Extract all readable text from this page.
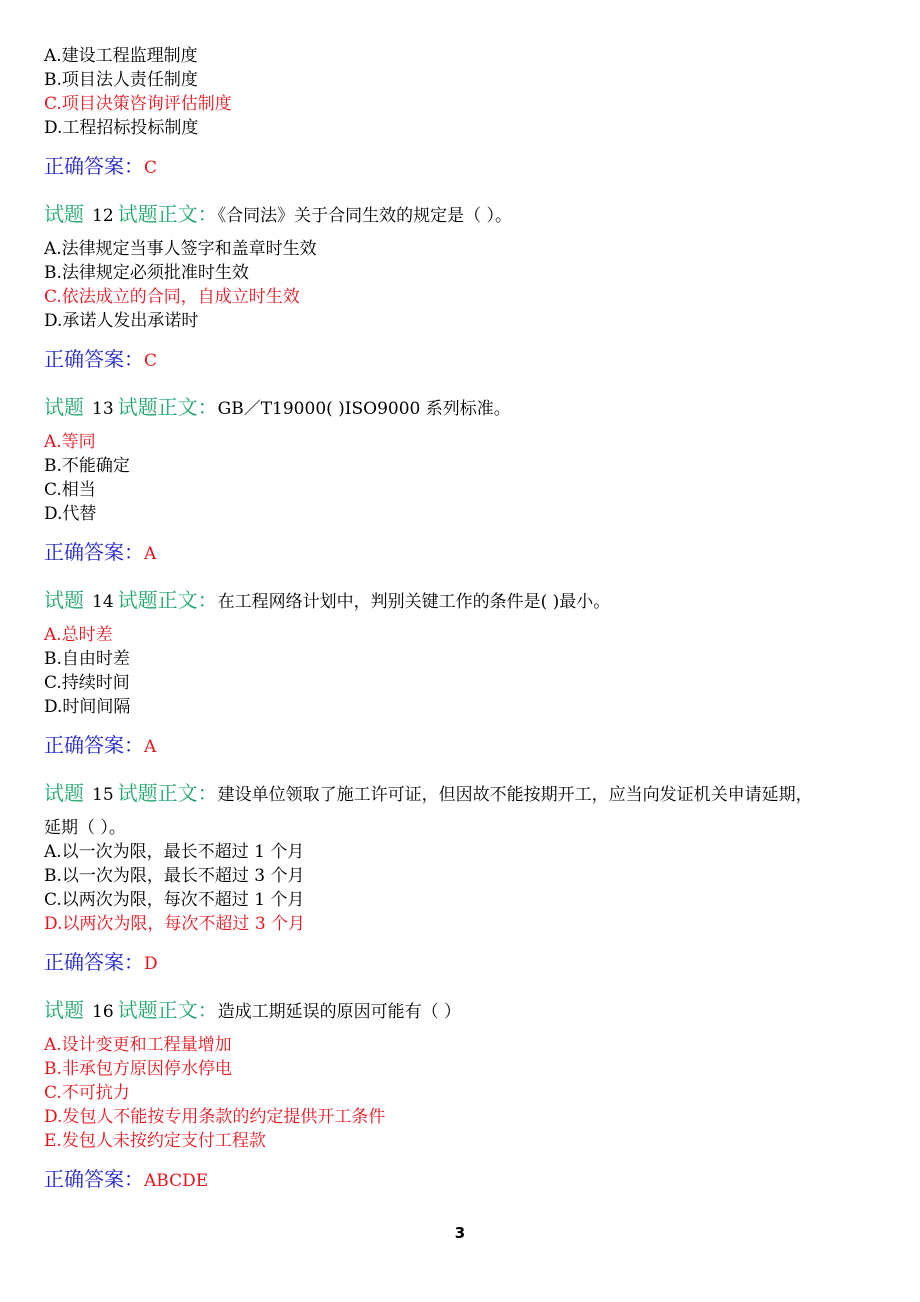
A.建设工程监理制度
B.项目法人责任制度
C.项目决策咨询评估制度
D.工程招标投标制度
正确答案：C
试题 12 试题正文：《合同法》关于合同生效的规定是（ ）。
A.法律规定当事人签字和盖章时生效
B.法律规定必须批准时生效
C.依法成立的合同，自成立时生效
D.承诺人发出承诺时
正确答案：C
试题 13 试题正文：GB／T19000( )ISO9000 系列标准。
A.等同
B.不能确定
C.相当
D.代替
正确答案：A
试题 14 试题正文：在工程网络计划中，判别关键工作的条件是( )最小。
A.总时差
B.自由时差
C.持续时间
D.时间间隔
正确答案：A
试题 15 试题正文：建设单位领取了施工许可证，但因故不能按期开工，应当向发证机关申请延期，
延期（ ）。
A.以一次为限，最长不超过 1 个月
B.以一次为限，最长不超过 3 个月
C.以两次为限，每次不超过 1 个月
D.以两次为限，每次不超过 3 个月
正确答案：D
试题 16 试题正文：造成工期延误的原因可能有（ ）
A.设计变更和工程量增加
B.非承包方原因停水停电
C.不可抗力
D.发包人不能按专用条款的约定提供开工条件
E.发包人未按约定支付工程款
正确答案：ABCDE
3
